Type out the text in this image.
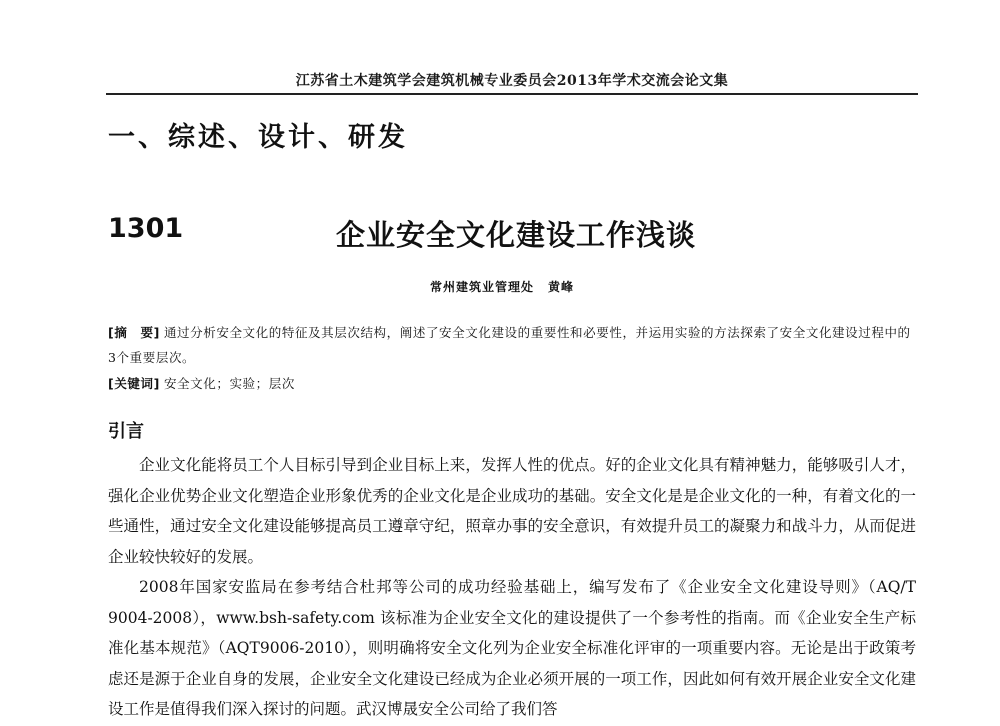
江苏省土木建筑学会建筑机械专业委员会2013年学术交流会论文集
一、综述、设计、研发
1301	企业安全文化建设工作浅谈
常州建筑业管理处 黄峰
[摘　要] 通过分析安全文化的特征及其层次结构，阐述了安全文化建设的重要性和必要性，并运用实验的方法探索了安全文化建设过程中的3个重要层次。
[关键词] 安全文化；实验；层次
引言

企业文化能将员工个人目标引导到企业目标上来，发挥人性的优点。好的企业文化具有精神魅力，能够吸引人才，强化企业优势企业文化塑造企业形象优秀的企业文化是企业成功的基础。安全文化是是企业文化的一种，有着文化的一些通性，通过安全文化建设能够提高员工遵章守纪，照章办事的安全意识，有效提升员工的凝聚力和战斗力，从而促进企业较快较好的发展。

2008年国家安监局在参考结合杜邦等公司的成功经验基础上，编写发布了《企业安全文化建设导则》（AQ/T 9004-2008），www.bsh-safety.com 该标准为企业安全文化的建设提供了一个参考性的指南。而《企业安全生产标准化基本规范》（AQT9006-2010），则明确将安全文化列为企业安全标准化评审的一项重要内容。无论是出于政策考虑还是源于企业自身的发展，企业安全文化建设已经成为企业必须开展的一项工作，因此如何有效开展企业安全文化建设工作是值得我们深入探讨的问题。武汉博晟安全公司给了我们答
